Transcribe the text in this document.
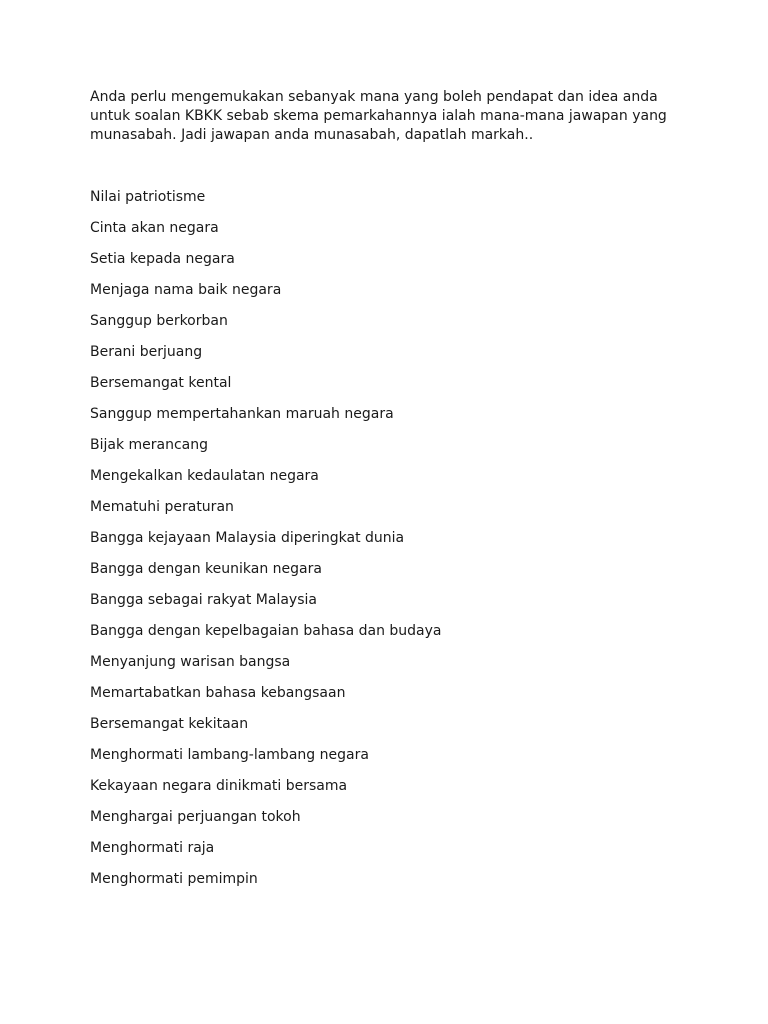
Anda perlu mengemukakan sebanyak mana yang boleh pendapat dan idea anda
untuk soalan KBKK sebab skema pemarkahannya ialah mana-mana jawapan yang
munasabah. Jadi jawapan anda munasabah, dapatlah markah..

Nilai patriotisme
Cinta akan negara
Setia kepada negara
Menjaga nama baik negara
Sanggup berkorban
Berani berjuang
Bersemangat kental
Sanggup mempertahankan maruah negara
Bijak merancang
Mengekalkan kedaulatan negara
Mematuhi peraturan
Bangga kejayaan Malaysia diperingkat dunia
Bangga dengan keunikan negara
Bangga sebagai rakyat Malaysia
Bangga dengan kepelbagaian bahasa dan budaya
Menyanjung warisan bangsa
Memartabatkan bahasa kebangsaan
Bersemangat kekitaan
Menghormati lambang-lambang negara
Kekayaan negara dinikmati bersama
Menghargai perjuangan tokoh
Menghormati raja
Menghormati pemimpin
